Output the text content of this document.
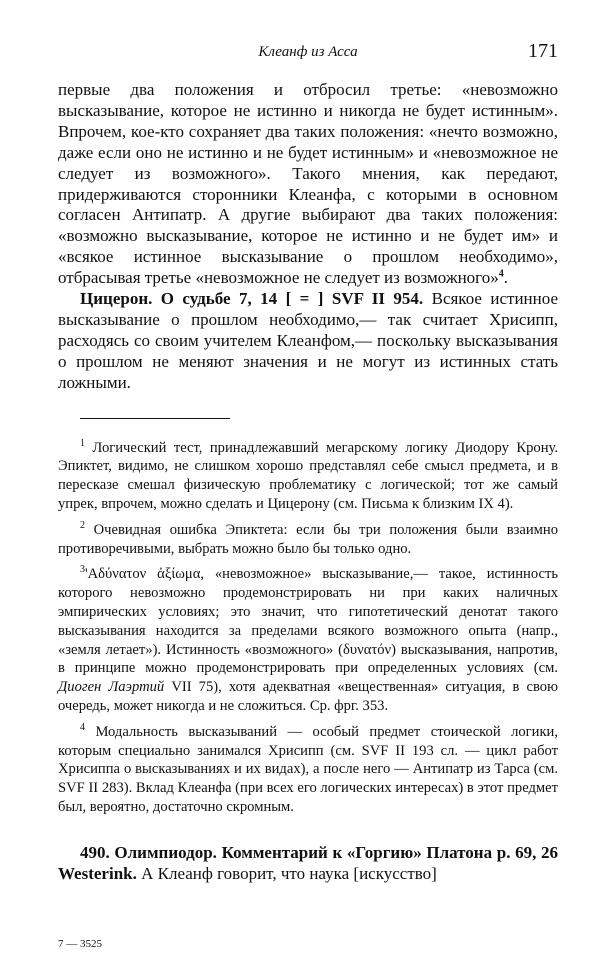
Клеанф из Асса	171

первые два положения и отбросил третье: «невозможно высказывание, которое не истинно и никогда не будет истинным». Впрочем, кое-кто сохраняет два таких положения: «нечто возможно, даже если оно не истинно и не будет истинным» и «невозможное не следует из возможного». Такого мнения, как передают, придерживаются сторонники Клеанфа, с которыми в основном согласен Антипатр. А другие выбирают два таких положения: «возможно высказывание, которое не истинно и не будет им» и «всякое истинное высказывание о прошлом необходимо», отбрасывая третье «невозможное не следует из возможного»$^4$.

Цицерон. О судьбе 7, 14 [ = ] SVF II 954. Всякое истинное высказывание о прошлом необходимо,— так считает Хрисипп, расходясь со своим учителем Клеанфом,— поскольку высказывания о прошлом не меняют значения и не могут из истинных стать ложными.

$^1$ Логический тест, принадлежавший мегарскому логику Диодору Крону. Эпиктет, видимо, не слишком хорошо представлял себе смысл предмета, и в пересказе смешал физическую проблематику с логической; тот же самый упрек, впрочем, можно сделать и Цицерону (см. Письма к близким IX 4).

$^2$ Очевидная ошибка Эпиктета: если бы три положения были взаимно противоречивыми, выбрать можно было бы только одно.

$^3$'Αδύνατον ἀξίωμα, «невозможное» высказывание,— такое, истинность которого невозможно продемонстрировать ни при каких наличных эмпирических условиях; это значит, что гипотетический денотат такого высказывания находится за пределами всякого возможного опыта (напр., «земля летает»). Истинность «возможного» (δυνατόν) высказывания, напротив, в принципе можно продемонстрировать при определенных условиях (см. Диоген Лаэртий VII 75), хотя адекватная «вещественная» ситуация, в свою очередь, может никогда и не сложиться. Ср. фрг. 353.

$^4$ Модальность высказываний — особый предмет стоической логики, которым специально занимался Хрисипп (см. SVF II 193 сл. — цикл работ Хрисиппа о высказываниях и их видах), а после него — Антипатр из Тарса (см. SVF II 283). Вклад Клеанфа (при всех его логических интересах) в этот предмет был, вероятно, достаточно скромным.

490. Олимпиодор. Комментарий к «Горгию» Платона р. 69, 26 Westerink. А Клеанф говорит, что наука [искусство]

7 — 3525
